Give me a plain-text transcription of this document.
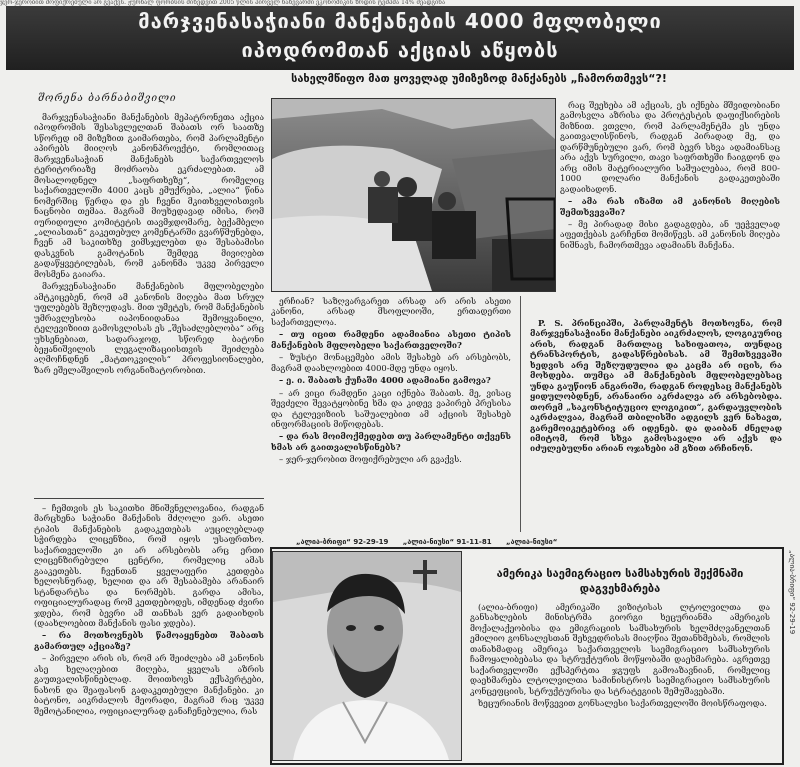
ჯერ-ჯერობით მოფიქრებული არ გვაქვს. ჟურნალ ფორბსის მიხედვით 2005 წლის პირველ ნახევარში ეკონომიკის ზრდის ტემპმა 14% შეადგინა
მარჯვენასაჭიანი მანქანების 4000 მფლობელი
იპოდრომთან აქციას აწყობს
სახელმწიფო მათ ყოველად უმიზეზოდ მანქანებს „ჩამორთმევს“?!
შორენა ბარნაბიშვილი

მარჯვენასაჭიანი მანქანების მეპატრონეთა აქცია იპოდრომის შესასვლელთან შაბათს ორ საათზე სწორედ იმ მიზეზით გაიმართება, რომ პარლამენტი აპირებს მიიღოს კანონპროექტი, რომლითაც მარჯვენასაჭიან მანქანებს საქართველოს ტერიტორიაზე მოძრაობა ეკრძალებათ. ამ მოსალოდნელ „საფრთხეზე“, რომელიც საქართველოში 4000 კაცს ემუქრება, „ალია“ წინა ნომერშიც წერდა და ეს ჩვენი მკითხველისთვის ნაცნობი თემაა. მაგრამ მიუხედავად იმისა, რომ იურიდიული კომიტეტის თავმჯდომარე, ბექამბელი „ალიასთან“ გაკეთებულ კომენტარში გვარწმუნებდა, ჩვენ ამ საკითხზე ვიმსჯელებთ და შესაბამისი დასკვნის გამოტანის შემდეგ მივიღებთ გადაწყვეტილებას, რომ კანონმა უკვე პირველი მოსმენა გაიარა.

მარჯვენასაჭიანი მანქანების მფლობელები ამტკიცებენ, რომ ამ კანონის მიღება მათ სრულ უფლებებს შეზღუდავს. მით უმეტეს, რომ მანქანების უმრავლესობა იაპონიიდანაა შემოყვანილი, ტელევიზიით გამოსვლისას ეს „შესაძლებლობა“ არც უხსენებიათ, სადარაჯოდ, სწორედ ბატონი ბეჟანიშვილის ლეგალიზაციისთვის შეიძლება აღმოჩნდნენ „მატთოკვილის“ პროფესიონალები, ზარ ეშელაშვილის ორგანიზატორობით.

– ჩემთვის ეს საკითხი მნიშვნელოვანია, რადგან მარცხენა საჭიანი მანქანის მძღოლი ვარ. ასეთი ტიპის მანქანების გადაკეთებას აუცილებლად სჭირდება ლიცენზია, რომ იყოს უსაფრთხო. საქართველოში კი არ არსებობს არც ერთი ლიცენზირებული ცენტრი, რომელიც ამას გააკეთებს. ჩვენთან ყველაფერი კეთდება ხელოსნურად, ხელით და არ შესაბამება არანაირ სტანდარტსა და ნორმებს. გარდა ამისა, ოფიციალურადაც რომ კეთდებოდეს, იმდენად ძვირი ჯდება, რომ ბევრი ამ თანხას ვერ გადაიხდის (დაახლოებით მანქანის ფასი ჯდება).

– რა მოთხოვნებს წამოაყენებთ შაბათს გამართულ აქციაზე?

– პირველი არის ის, რომ არ შეიძლება ამ კანონის ასე ხელაღებით მიღება, ყველას აზრის გაუთვალისწინებლად. მოითხოვს ექსპერტები, ნახონ და შეაფასონ გადაკეთებული მანქანები. კი ბატონო, აიკრძალოს მეორადი, მაგრამ რაც უკვე შემოტანილია, ოფიციალურად განაჩენებულია, რას

ერჩიან? საზღვარგარეთ არსად არ არის ასეთი კანონი, არსად მსოფლიოში, ერთადერთი საქართველოა.

– თუ იცით რამდენი ადამიანია ასეთი ტიპის მანქანების მფლობელი საქართველოში?

– ზუსტი მონაცემები ამის შესახებ არ არსებობს, მაგრამ დაახლოებით 4000-მდე უნდა იყოს.

– ე. ი. შაბათს ქუჩაში 4000 ადამიანი გამოვა?

– არ ვიცი რამდენი კაცი იქნება შაბათს. მე, ვისაც შევძელი შევატყობინე ხმა და კიდევ ვაპირებ პრესისა და ტელევიზიის საშუალებით ამ აქციის შესახებ ინფორმაციის მიწოდებას.

– და რას მოიმოქმედებთ თუ პარლამენტი თქვენს ხმას არ გაითვალისწინებს?

– ჯერ-ჯერობით მოფიქრებული არ გვაქვს.

რაც შეეხება ამ აქციას, ეს იქნება მშვიდობიანი გამოსვლა აზრისა და პროტესტის დაფიქსირების მიზნით. ვთვლი, რომ პარლამენტმა ეს უნდა გაითვალისწინოს, რადგან პირადად მე, და დარწმუნებული ვარ, რომ ბევრ სხვა ადამიანსაც არა აქვს სურვილი, თავი საფრთხეში ჩაიგდონ და არც იმის მატერიალური საშუალებაა, რომ 800-1000 დოლარი მანქანის გადაკეთებაში გადაიხადონ.

– ამა რას იზამთ ამ კანონის მიღების შემთხვევაში?

– მე პირადად მისი გადაგდება, ან უეჭველად აფეთქებას გარჩენთ მომიწევს. ამ კანონის მიღება ნიშნავს, ჩამორთმევა ადამიანს მანქანა.

P. S. პრინციპში, პარლამენტს მოთხოვნა, რომ მარჯვენასაჭიანი მანქანები აიკრძალოს, ლოგიკურიც არის, რადგან მართლაც სახიფათოა, თუნდაც ტრანსპორტის, გადასწრებისას. ამ შემთხვევაში ხედვის არე შეზღუდულია და კაცმა არ იცის, რა მოხდება. თუმცა ამ მანქანების მფლობელებსაც უნდა გაუწიონ ანგარიში, რადგან როდესაც მანქანებს ყიდულობდნენ, არანაირი აკრძალვა არ არსებობდა. თორემ „საკონსტიტუციო ლოგიკით“, გარდაუვლობის აკრძალვაა, მაგრამ თბილისში ადგილს ვერ ნახავთ, გარემოიკეტებრივ არ იდენებ. და დაიბან ძნელად იმიტომ, რომ სხვა გამოსავალი არ აქვს და იძულებულნი არიან ოჯახები ამ გზით არჩინონ.

„ალია-ბრიფი“ 92-29-19 „ალია-ნიუსი“ 91-11-81 „ალია-ნიუსი“
„ალია-ბრიფი“ 92-29-19
ამერიკა საემიგრაციო სამსახურის შექმნაში დაგვეხმარება

(ალია-ბრიფი) ამერიკაში ვიზიტისას ლტოლვილთა და განსახლების მინისტრმა გიორგი ხეცურიანმა ამერიკის მოქალაქეობისა და ემიგრაციის სამსახურის ხელმძღვანელთან ემილიო გონსალესთან შეხვედრისას მიაღწია შეთანხმებას, რომლის თანახმადაც ამერიკა საქართველოს საემიგრაციო სამსახურის ჩამოყალიბებასა და სტრუქტურის მოწყობაში დაეხმარება. აგრეთვე საქართველოში ექსპერტთა ჯგუფს გამოაზავნიან, რომელიც დაეხმარება ლტოლვილთა სამინისტროს საემიგრაციო სამსახურის კონცეფციის, სტრუქტურისა და სტრატეგიის შემუშავებაში.

ხეცურიანის მოწვევით გონსალესი საქართველოში მოისწრაფოდა.
